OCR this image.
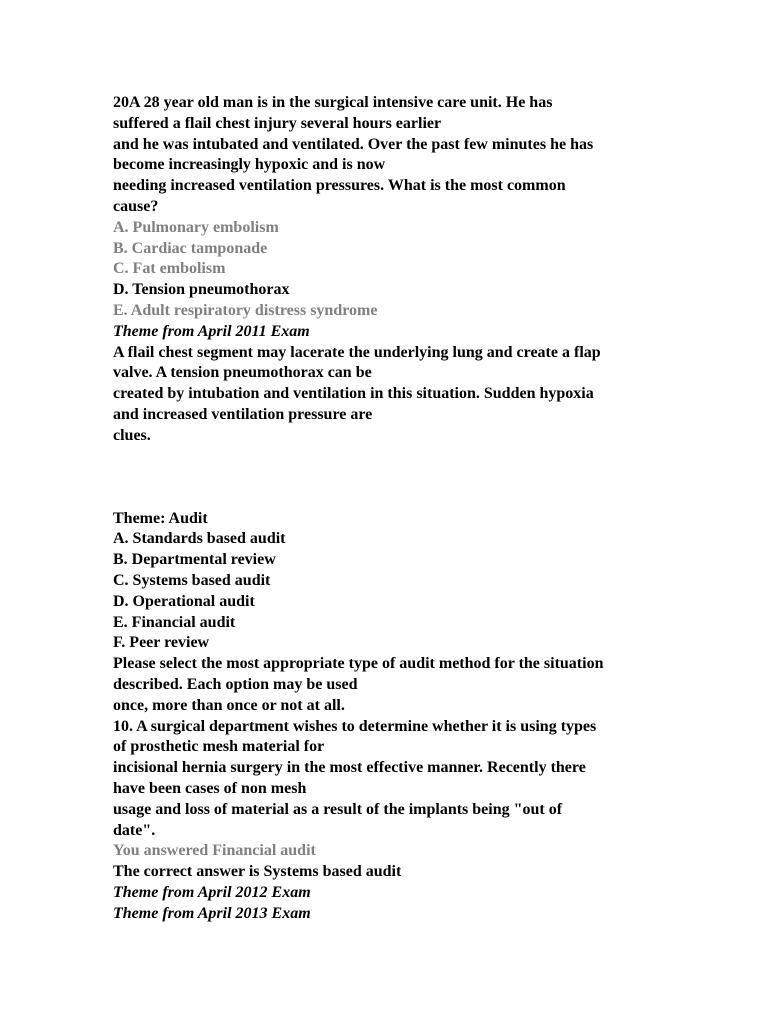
20A 28 year old man is in the surgical intensive care unit. He has
suffered a flail chest injury several hours earlier
and he was intubated and ventilated. Over the past few minutes he has
become increasingly hypoxic and is now
needing increased ventilation pressures. What is the most common
cause?
A. Pulmonary embolism
B. Cardiac tamponade
C. Fat embolism
D. Tension pneumothorax
E. Adult respiratory distress syndrome
Theme from April 2011 Exam
A flail chest segment may lacerate the underlying lung and create a flap
valve. A tension pneumothorax can be
created by intubation and ventilation in this situation. Sudden hypoxia
and increased ventilation pressure are
clues.
Theme: Audit
A. Standards based audit
B. Departmental review
C. Systems based audit
D. Operational audit
E. Financial audit
F. Peer review
Please select the most appropriate type of audit method for the situation
described. Each option may be used
once, more than once or not at all.
10. A surgical department wishes to determine whether it is using types
of prosthetic mesh material for
incisional hernia surgery in the most effective manner. Recently there
have been cases of non mesh
usage and loss of material as a result of the implants being "out of
date".
You answered Financial audit
The correct answer is Systems based audit
Theme from April 2012 Exam
Theme from April 2013 Exam
